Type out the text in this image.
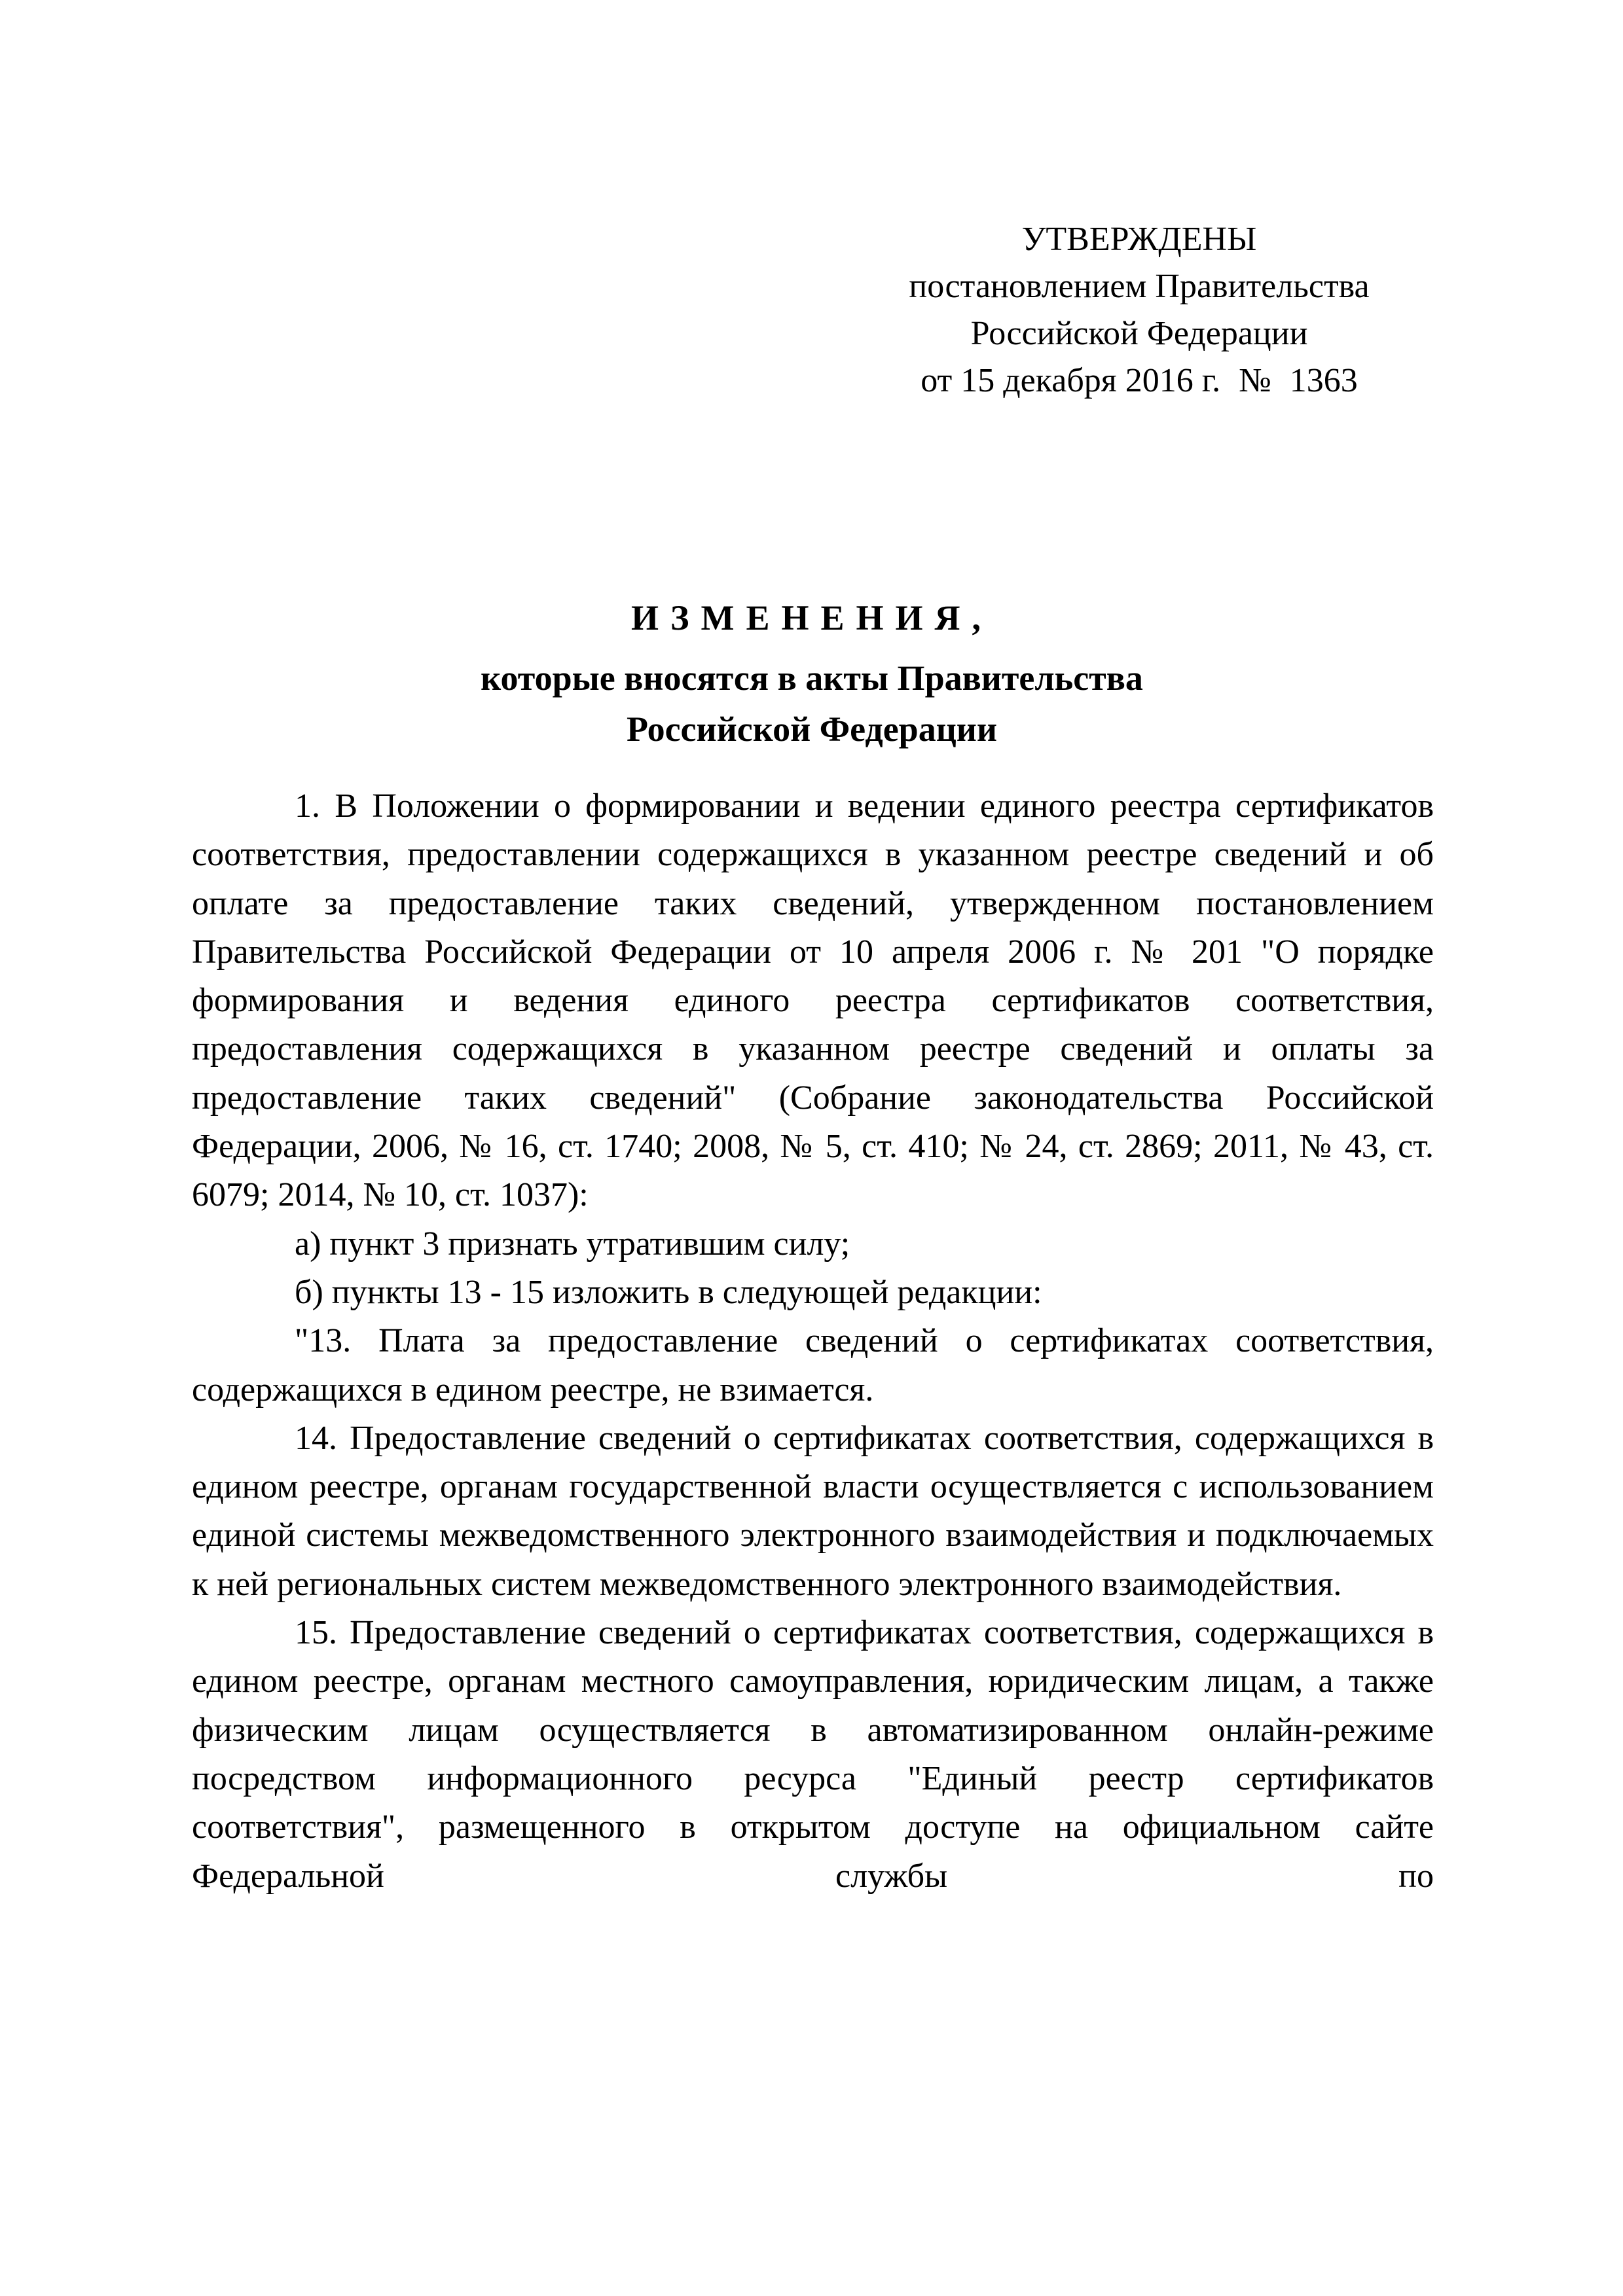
УТВЕРЖДЕНЫ
постановлением Правительства
Российской Федерации
от 15 декабря 2016 г. № 1363
ИЗМЕНЕНИЯ,
которые вносятся в акты Правительства
Российской Федерации

1. В Положении о формировании и ведении единого реестра сертификатов соответствия, предоставлении содержащихся в указанном реестре сведений и об оплате за предоставление таких сведений, утвержденном постановлением Правительства Российской Федерации от 10 апреля 2006 г. № 201 "О порядке формирования и ведения единого реестра сертификатов соответствия, предоставления содержащихся в указанном реестре сведений и оплаты за предоставление таких сведений" (Собрание законодательства Российской Федерации, 2006, № 16, ст. 1740; 2008, № 5, ст. 410; № 24, ст. 2869; 2011, № 43, ст. 6079; 2014, № 10, ст. 1037):

а) пункт 3 признать утратившим силу;

б) пункты 13 - 15 изложить в следующей редакции:

"13. Плата за предоставление сведений о сертификатах соответствия, содержащихся в едином реестре, не взимается.

14. Предоставление сведений о сертификатах соответствия, содержащихся в едином реестре, органам государственной власти осуществляется с использованием единой системы межведомственного электронного взаимодействия и подключаемых к ней региональных систем межведомственного электронного взаимодействия.

15. Предоставление сведений о сертификатах соответствия, содержащихся в едином реестре, органам местного самоуправления, юридическим лицам, а также физическим лицам осуществляется в автоматизированном онлайн-режиме посредством информационного ресурса "Единый реестр сертификатов соответствия", размещенного в открытом доступе на официальном сайте Федеральной службы по
